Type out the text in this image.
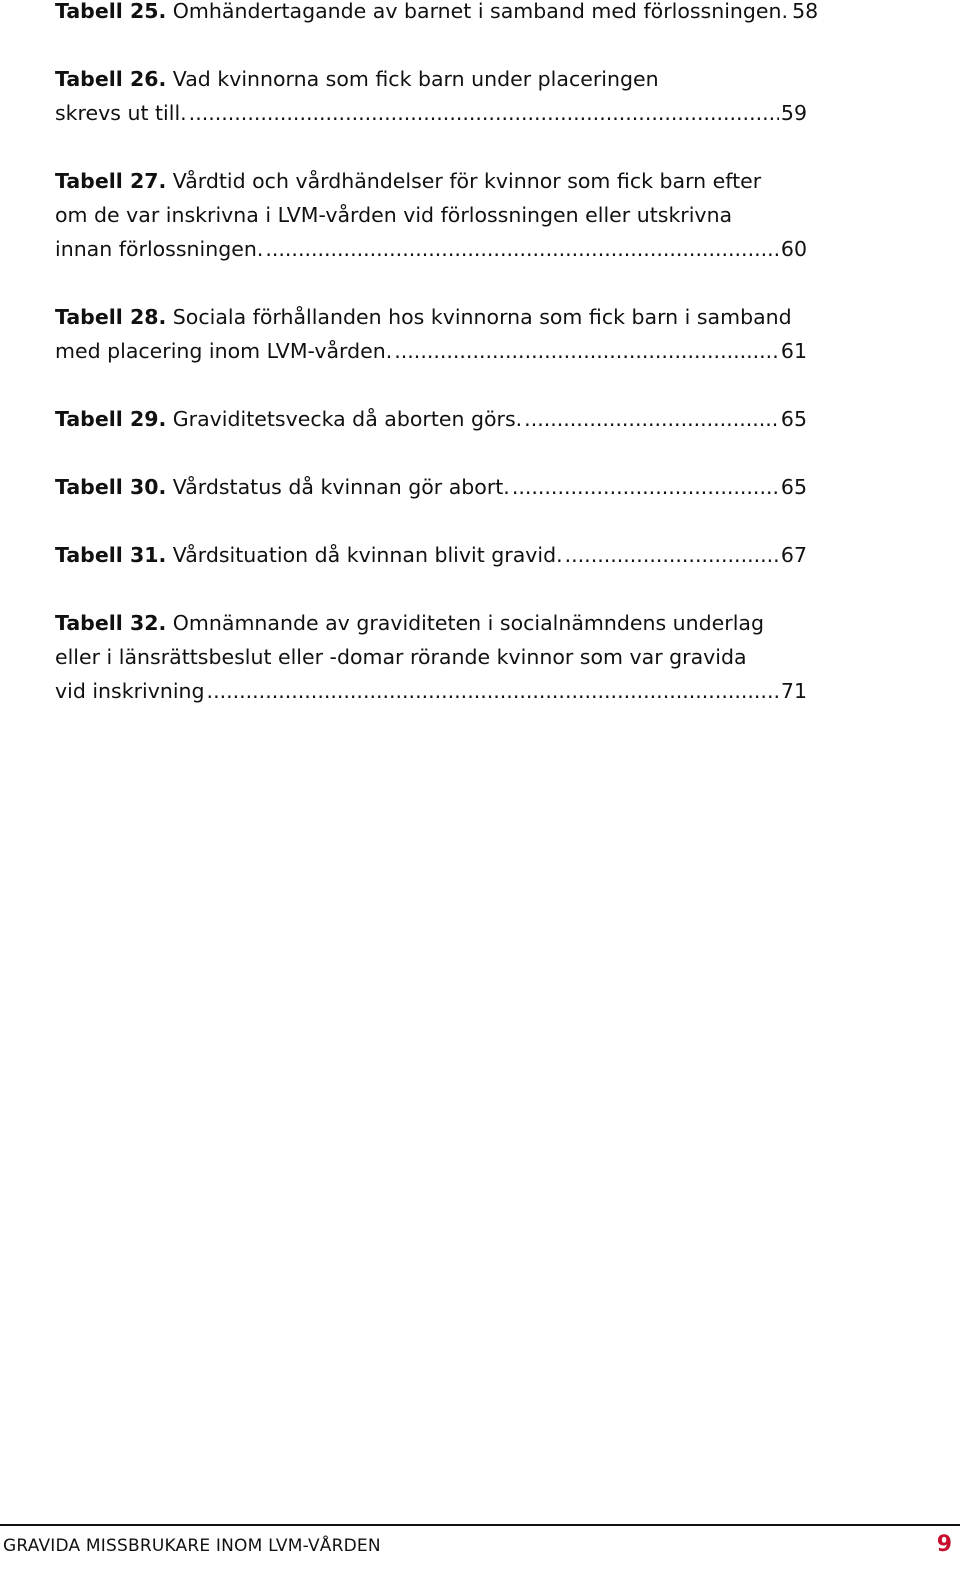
Tabell 25. Omhändertagande av barnet i samband med förlossningen. 58
Tabell 26. Vad kvinnorna som fick barn under placeringen
skrevs ut till. .....	59
Tabell 27. Vårdtid och vårdhändelser för kvinnor som fick barn efter
om de var inskrivna i LVM-vården vid förlossningen eller utskrivna
innan förlossningen. .....	60
Tabell 28. Sociala förhållanden hos kvinnorna som fick barn i samband
med placering inom LVM-vården. .....	61
Tabell 29. Graviditetsvecka då aborten görs. .....	65
Tabell 30. Vårdstatus då kvinnan gör abort. .....	65
Tabell 31. Vårdsituation då kvinnan blivit gravid. .....	67
Tabell 32. Omnämnande av graviditeten i socialnämndens underlag
eller i länsrättsbeslut eller -domar rörande kvinnor som var gravida
vid inskrivning .....	71
GRAVIDA MISSBRUKARE INOM LVM-VÅRDEN	9
